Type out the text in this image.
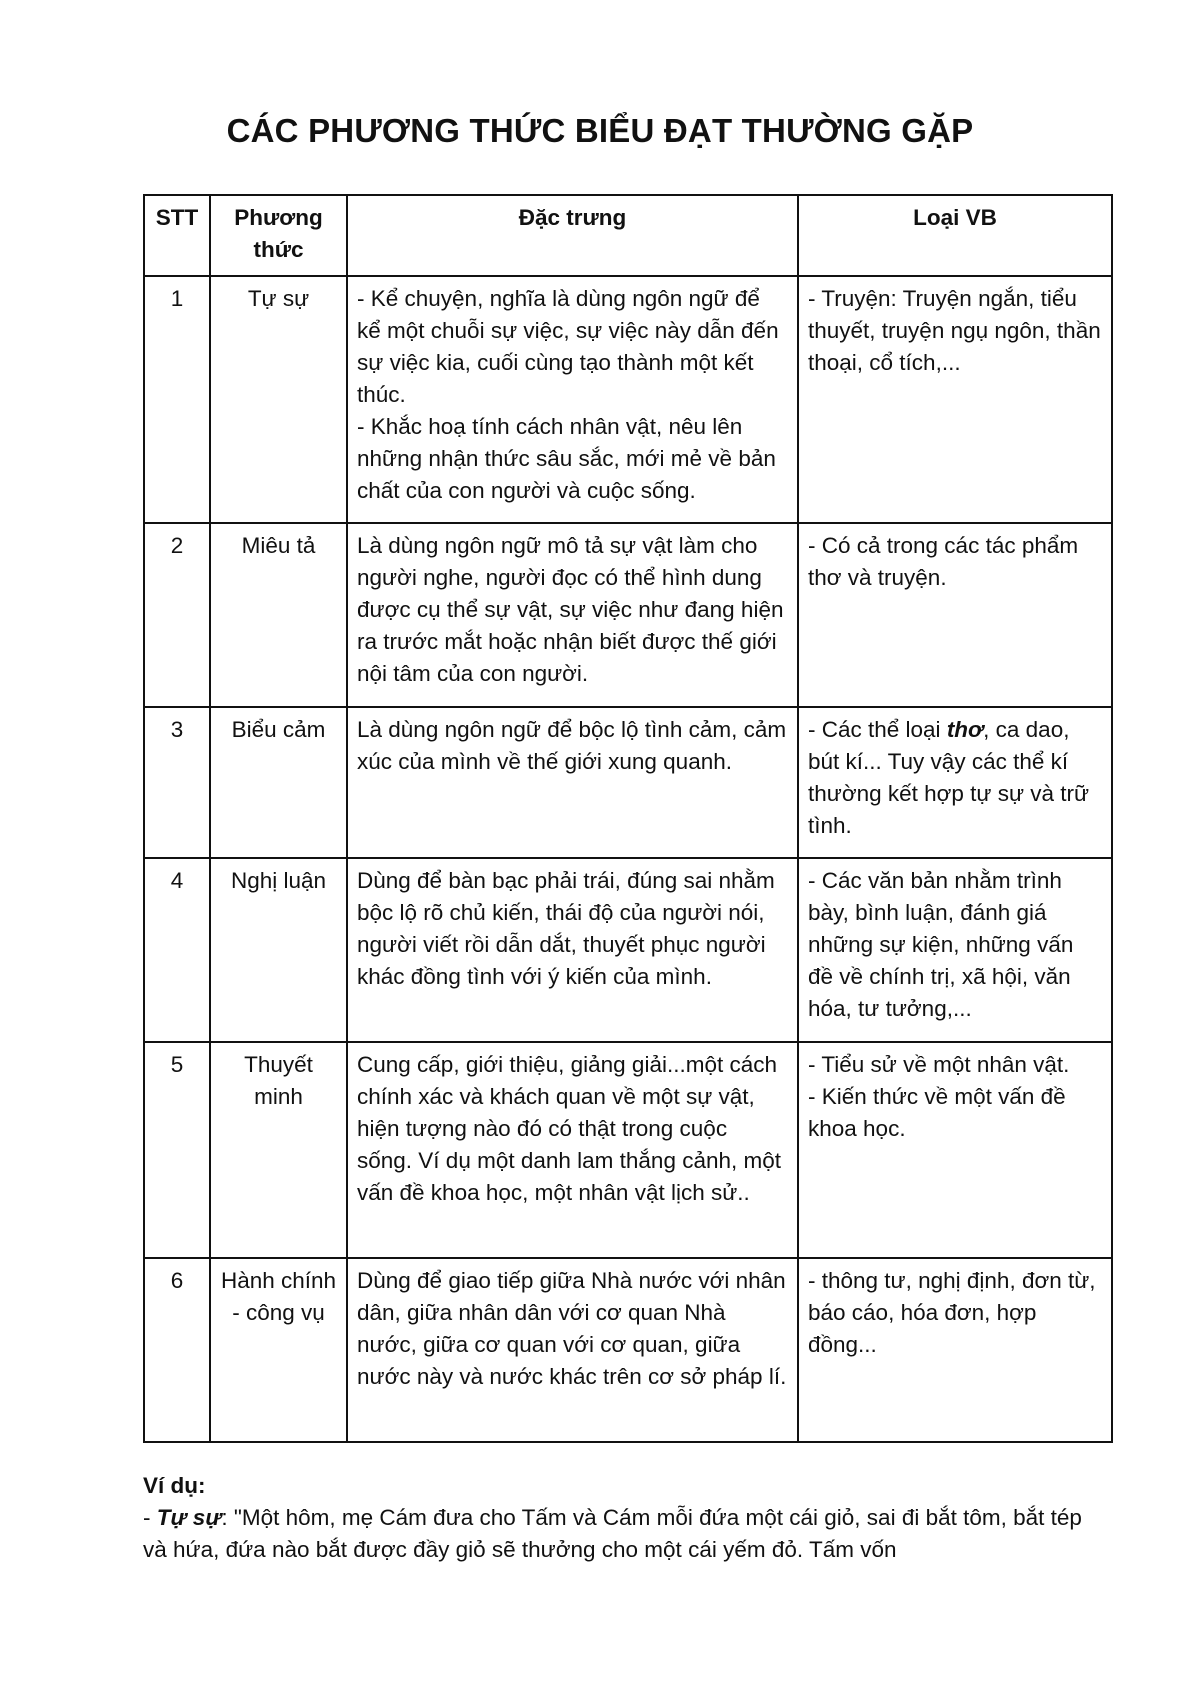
CÁC PHƯƠNG THỨC BIỂU ĐẠT THƯỜNG GẶP
STT	Phương thức	Đặc trưng	Loại VB
1	Tự sự	- Kể chuyện, nghĩa là dùng ngôn ngữ để kể một chuỗi sự việc, sự việc này dẫn đến sự việc kia, cuối cùng tạo thành một kết thúc.
- Khắc hoạ tính cách nhân vật, nêu lên những nhận thức sâu sắc, mới mẻ về bản chất của con người và cuộc sống.	- Truyện: Truyện ngắn, tiểu thuyết, truyện ngụ ngôn, thần thoại, cổ tích,...

2	Miêu tả	Là dùng ngôn ngữ mô tả sự vật làm cho người nghe, người đọc có thể hình dung được cụ thể sự vật, sự việc như đang hiện ra trước mắt hoặc nhận biết được thế giới nội tâm của con người.	- Có cả trong các tác phẩm thơ và truyện.

3	Biểu cảm	Là dùng ngôn ngữ để bộc lộ tình cảm, cảm xúc của mình về thế giới xung quanh.	- Các thể loại thơ, ca dao, bút kí... Tuy vậy các thể kí thường kết hợp tự sự và trữ tình.
4	Nghị luận	Dùng để bàn bạc phải trái, đúng sai nhằm bộc lộ rõ chủ kiến, thái độ của người nói, người viết rồi dẫn dắt, thuyết phục người khác đồng tình với ý kiến của mình.	- Các văn bản nhằm trình bày, bình luận, đánh giá những sự kiện, những vấn đề về chính trị, xã hội, văn hóa, tư tưởng,...

5	Thuyết minh	Cung cấp, giới thiệu, giảng giải...một cách chính xác và khách quan về một sự vật, hiện tượng nào đó có thật trong cuộc sống. Ví dụ một danh lam thắng cảnh, một vấn đề khoa học, một nhân vật lịch sử..	- Tiểu sử về một nhân vật.
- Kiến thức về một vấn đề khoa học.

6	Hành chính - công vụ	Dùng để giao tiếp giữa Nhà nước với nhân dân, giữa nhân dân với cơ quan Nhà nước, giữa cơ quan với cơ quan, giữa nước này và nước khác trên cơ sở pháp lí.	- thông tư, nghị định, đơn từ, báo cáo, hóa đơn, hợp đồng...
Ví dụ:
- Tự sự: "Một hôm, mẹ Cám đưa cho Tấm và Cám mỗi đứa một cái giỏ, sai đi bắt tôm, bắt tép và hứa, đứa nào bắt được đầy giỏ sẽ thưởng cho một cái yếm đỏ. Tấm vốn
